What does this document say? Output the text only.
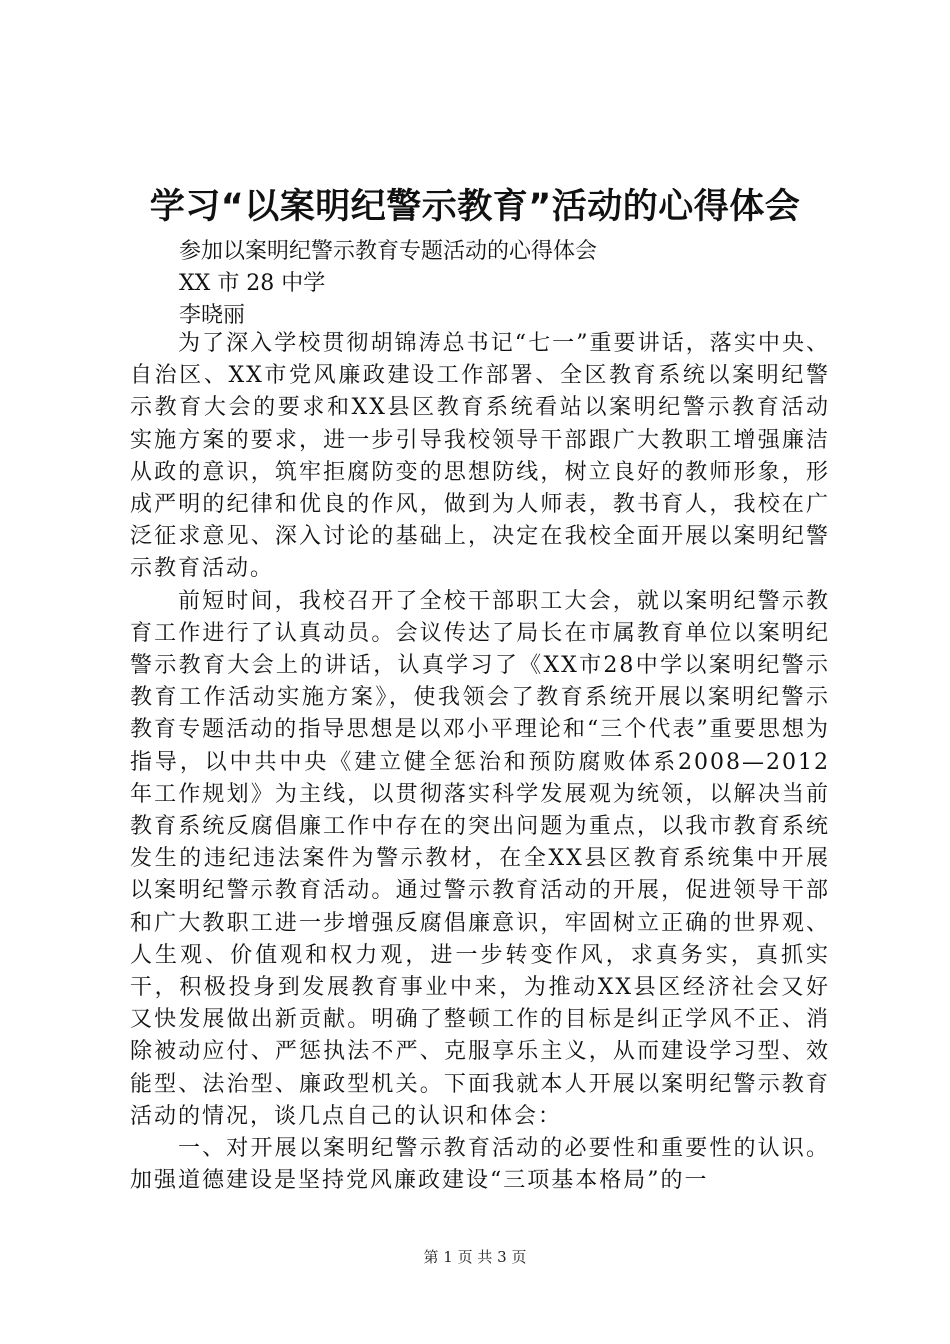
学习“以案明纪警示教育”活动的心得体会
参加以案明纪警示教育专题活动的心得体会
XX 市 28 中学
李晓丽

为了深入学校贯彻胡锦涛总书记“七一”重要讲话，落实中央、自治区、XX市党风廉政建设工作部署、全区教育系统以案明纪警示教育大会的要求和XX县区教育系统看站以案明纪警示教育活动实施方案的要求，进一步引导我校领导干部跟广大教职工增强廉洁从政的意识，筑牢拒腐防变的思想防线，树立良好的教师形象，形成严明的纪律和优良的作风，做到为人师表，教书育人，我校在广泛征求意见、深入讨论的基础上，决定在我校全面开展以案明纪警示教育活动。

前短时间，我校召开了全校干部职工大会，就以案明纪警示教育工作进行了认真动员。会议传达了局长在市属教育单位以案明纪警示教育大会上的讲话，认真学习了《XX市28中学以案明纪警示教育工作活动实施方案》，使我领会了教育系统开展以案明纪警示教育专题活动的指导思想是以邓小平理论和“三个代表”重要思想为指导，以中共中央《建立健全惩治和预防腐败体系2008—2012年工作规划》为主线，以贯彻落实科学发展观为统领，以解决当前教育系统反腐倡廉工作中存在的突出问题为重点，以我市教育系统发生的违纪违法案件为警示教材，在全XX县区教育系统集中开展以案明纪警示教育活动。通过警示教育活动的开展，促进领导干部和广大教职工进一步增强反腐倡廉意识，牢固树立正确的世界观、人生观、价值观和权力观，进一步转变作风，求真务实，真抓实干，积极投身到发展教育事业中来，为推动XX县区经济社会又好又快发展做出新贡献。明确了整顿工作的目标是纠正学风不正、消除被动应付、严惩执法不严、克服享乐主义，从而建设学习型、效能型、法治型、廉政型机关。下面我就本人开展以案明纪警示教育活动的情况，谈几点自己的认识和体会：

一、对开展以案明纪警示教育活动的必要性和重要性的认识。加强道德建设是坚持党风廉政建设“三项基本格局”的一

第 1 页 共 3 页
